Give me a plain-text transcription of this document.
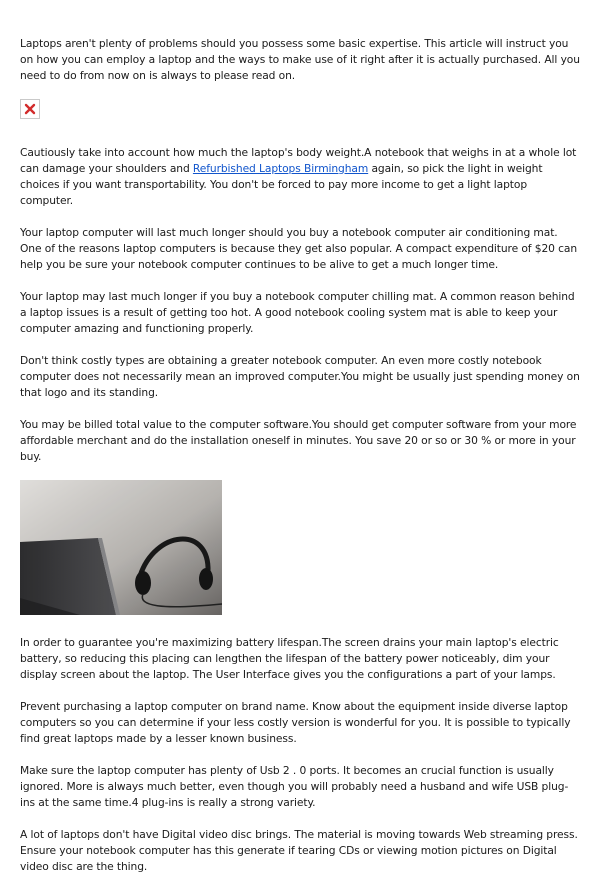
Laptops aren't plenty of problems should you possess some basic expertise. This article will instruct you on how you can employ a laptop and the ways to make use of it right after it is actually purchased. All you need to do from now on is always to please read on.

Cautiously take into account how much the laptop's body weight.A notebook that weighs in at a whole lot can damage your shoulders and Refurbished Laptops Birmingham again, so pick the light in weight choices if you want transportability. You don't be forced to pay more income to get a light laptop computer.

Your laptop computer will last much longer should you buy a notebook computer air conditioning mat. One of the reasons laptop computers is because they get also popular. A compact expenditure of $20 can help you be sure your notebook computer continues to be alive to get a much longer time.

Your laptop may last much longer if you buy a notebook computer chilling mat. A common reason behind a laptop issues is a result of getting too hot. A good notebook cooling system mat is able to keep your computer amazing and functioning properly.

Don't think costly types are obtaining a greater notebook computer. An even more costly notebook computer does not necessarily mean an improved computer.You might be usually just spending money on that logo and its standing.

You may be billed total value to the computer software.You should get computer software from your more affordable merchant and do the installation oneself in minutes. You save 20 or so or 30 % or more in your buy.

In order to guarantee you're maximizing battery lifespan.The screen drains your main laptop's electric battery, so reducing this placing can lengthen the lifespan of the battery power noticeably, dim your display screen about the laptop. The User Interface gives you the configurations a part of your lamps.

Prevent purchasing a laptop computer on brand name. Know about the equipment inside diverse laptop computers so you can determine if your less costly version is wonderful for you. It is possible to typically find great laptops made by a lesser known business.

Make sure the laptop computer has plenty of Usb 2 . 0 ports. It becomes an crucial function is usually ignored. More is always much better, even though you will probably need a husband and wife USB plug-ins at the same time.4 plug-ins is really a strong variety.

A lot of laptops don't have Digital video disc brings. The material is moving towards Web streaming press. Ensure your notebook computer has this generate if tearing CDs or viewing motion pictures on Digital video disc are the thing.
